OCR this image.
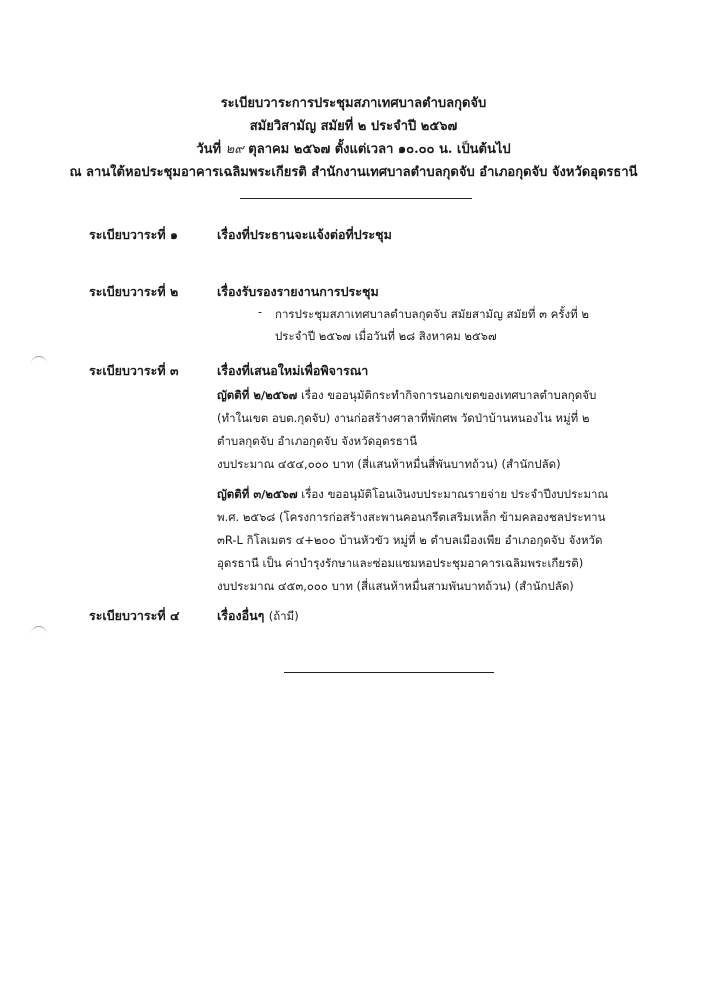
ระเบียบวาระการประชุมสภาเทศบาลตำบลกุดจับ
สมัยวิสามัญ สมัยที่ ๒ ประจำปี ๒๕๖๗
วันที่ ๒๙ ตุลาคม ๒๕๖๗ ตั้งแต่เวลา ๑๐.๐๐ น. เป็นต้นไป
ณ ลานใต้หอประชุมอาคารเฉลิมพระเกียรติ สำนักงานเทศบาลตำบลกุดจับ อำเภอกุดจับ จังหวัดอุดรธานี
ระเบียบวาระที่ ๑	เรื่องที่ประธานจะแจ้งต่อที่ประชุม
ระเบียบวาระที่ ๒	เรื่องรับรองรายงานการประชุม
- การประชุมสภาเทศบาลตำบลกุดจับ สมัยสามัญ สมัยที่ ๓ ครั้งที่ ๒
ประจำปี ๒๕๖๗ เมื่อวันที่ ๒๘ สิงหาคม ๒๕๖๗
ระเบียบวาระที่ ๓	เรื่องที่เสนอใหม่เพื่อพิจารณา
ญัตติที่ ๒/๒๕๖๗ เรื่อง ขออนุมัติกระทำกิจการนอกเขตของเทศบาลตำบลกุดจับ
(ทำในเขต อบต.กุดจับ) งานก่อสร้างศาลาที่พักศพ วัดป่าบ้านหนองไน หมู่ที่ ๒
ตำบลกุดจับ อำเภอกุดจับ จังหวัดอุดรธานี
งบประมาณ ๔๕๔,๐๐๐ บาท (สี่แสนห้าหมื่นสี่พันบาทถ้วน) (สำนักปลัด)
ญัตติที่ ๓/๒๕๖๗ เรื่อง ขออนุมัติโอนเงินงบประมาณรายจ่าย ประจำปีงบประมาณ
พ.ศ. ๒๕๖๘ (โครงการก่อสร้างสะพานคอนกรีตเสริมเหล็ก ข้ามคลองชลประทาน
๓R-L กิโลเมตร ๔+๒๐๐ บ้านหัวขัว หมู่ที่ ๒ ตำบลเมืองเพีย อำเภอกุดจับ จังหวัด
อุดรธานี เป็น ค่าบำรุงรักษาและซ่อมแซมหอประชุมอาคารเฉลิมพระเกียรติ)
งบประมาณ ๔๕๓,๐๐๐ บาท (สี่แสนห้าหมื่นสามพันบาทถ้วน) (สำนักปลัด)
ระเบียบวาระที่ ๔	เรื่องอื่นๆ (ถ้ามี)
